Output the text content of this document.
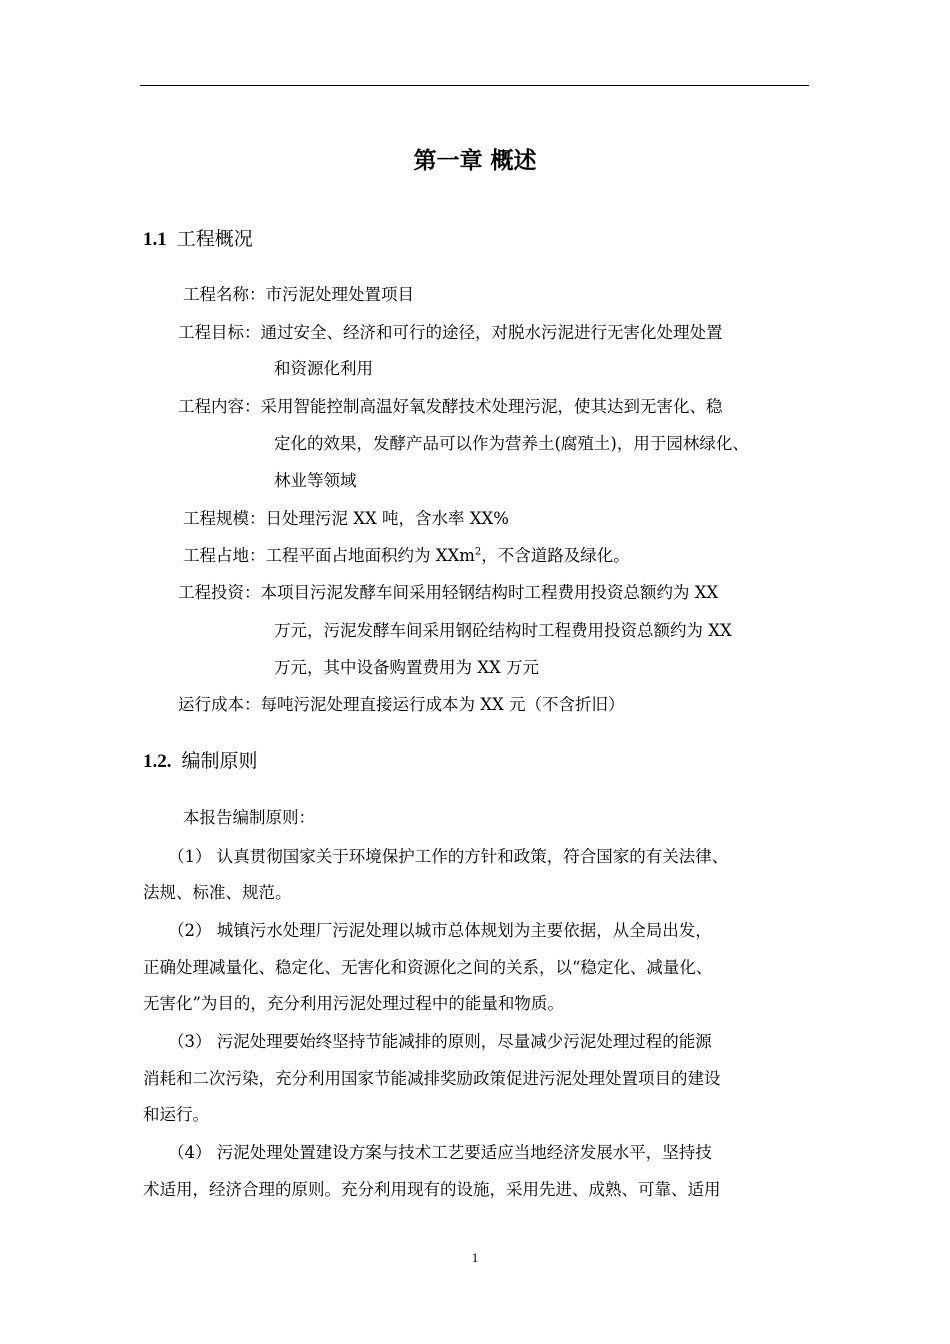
第一章 概述
1.1 工程概况
工程名称：市污泥处理处置项目
工程目标：通过安全、经济和可行的途径，对脱水污泥进行无害化处理处置
和资源化利用
工程内容：采用智能控制高温好氧发酵技术处理污泥，使其达到无害化、稳
定化的效果，发酵产品可以作为营养土(腐殖土)，用于园林绿化、
林业等领域
工程规模：日处理污泥 XX 吨，含水率 XX%
工程占地：工程平面占地面积约为 XXm$^2$，不含道路及绿化。
工程投资：本项目污泥发酵车间采用轻钢结构时工程费用投资总额约为 XX
万元，污泥发酵车间采用钢砼结构时工程费用投资总额约为 XX
万元，其中设备购置费用为 XX 万元
运行成本：每吨污泥处理直接运行成本为 XX 元（不含折旧）
1.2. 编制原则
本报告编制原则：
（1） 认真贯彻国家关于环境保护工作的方针和政策，符合国家的有关法律、
法规、标准、规范。
（2） 城镇污水处理厂污泥处理以城市总体规划为主要依据，从全局出发，
正确处理减量化、稳定化、无害化和资源化之间的关系，以“稳定化、减量化、
无害化”为目的，充分利用污泥处理过程中的能量和物质。
（3） 污泥处理要始终坚持节能减排的原则，尽量减少污泥处理过程的能源
消耗和二次污染，充分利用国家节能减排奖励政策促进污泥处理处置项目的建设
和运行。
（4） 污泥处理处置建设方案与技术工艺要适应当地经济发展水平，坚持技
术适用，经济合理的原则。充分利用现有的设施，采用先进、成熟、可靠、适用
1
